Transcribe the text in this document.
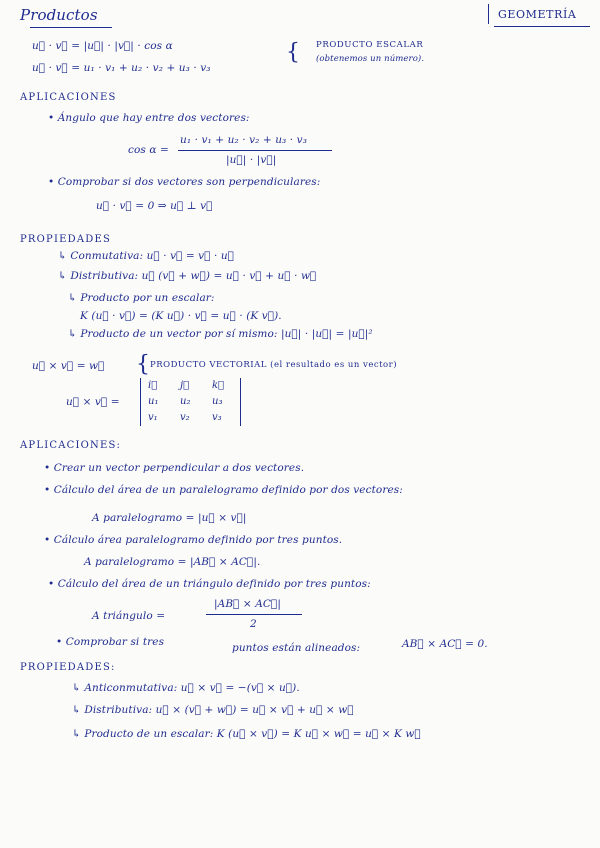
Productos	GEOMETRÍA
u⃗ · v⃗ = |u⃗| · |v⃗| · cos α
u⃗ · v⃗ = u₁ · v₁ + u₂ · v₂ + u₃ · v₃
{ PRODUCTO ESCALAR
(obtenemos un número).
APLICACIONES
• Ángulo que hay entre dos vectores:
cos α =
u₁ · v₁ + u₂ · v₂ + u₃ · v₃
|u⃗| · |v⃗|
• Comprobar si dos vectores son perpendiculares:
u⃗ · v⃗ = 0 ⇒ u⃗ ⊥ v⃗
PROPIEDADES
↳ Conmutativa: u⃗ · v⃗ = v⃗ · u⃗
↳ Distributiva: u⃗ (v⃗ + w⃗) = u⃗ · v⃗ + u⃗ · w⃗
↳ Producto por un escalar:
K (u⃗ · v⃗) = (K u⃗) · v⃗ = u⃗ · (K v⃗).
↳ Producto de un vector por sí mismo: |u⃗| · |u⃗| = |u⃗|²
u⃗ × v⃗ = w⃗ { PRODUCTO VECTORIAL (el resultado es un vector)
u⃗ × v⃗ =
i⃗ j⃗ k⃗
u₁ u₂ u₃
v₁ v₂ v₃
APLICACIONES:
• Crear un vector perpendicular a dos vectores.
• Cálculo del área de un paralelogramo definido por dos vectores:
A paralelogramo = |u⃗ × v⃗|
• Cálculo área paralelogramo definido por tres puntos.
A paralelogramo = |AB⃗ × AC⃗|.
• Cálculo del área de un triángulo definido por tres puntos:
A triángulo =
|AB⃗ × AC⃗|
2
• Comprobar si tres	puntos están alineados:	AB⃗ × AC⃗ = 0.
PROPIEDADES:
↳ Anticonmutativa: u⃗ × v⃗ = −(v⃗ × u⃗).
↳ Distributiva: u⃗ × (v⃗ + w⃗) = u⃗ × v⃗ + u⃗ × w⃗
↳ Producto de un escalar: K (u⃗ × v⃗) = K u⃗ × w⃗ = u⃗ × K w⃗
